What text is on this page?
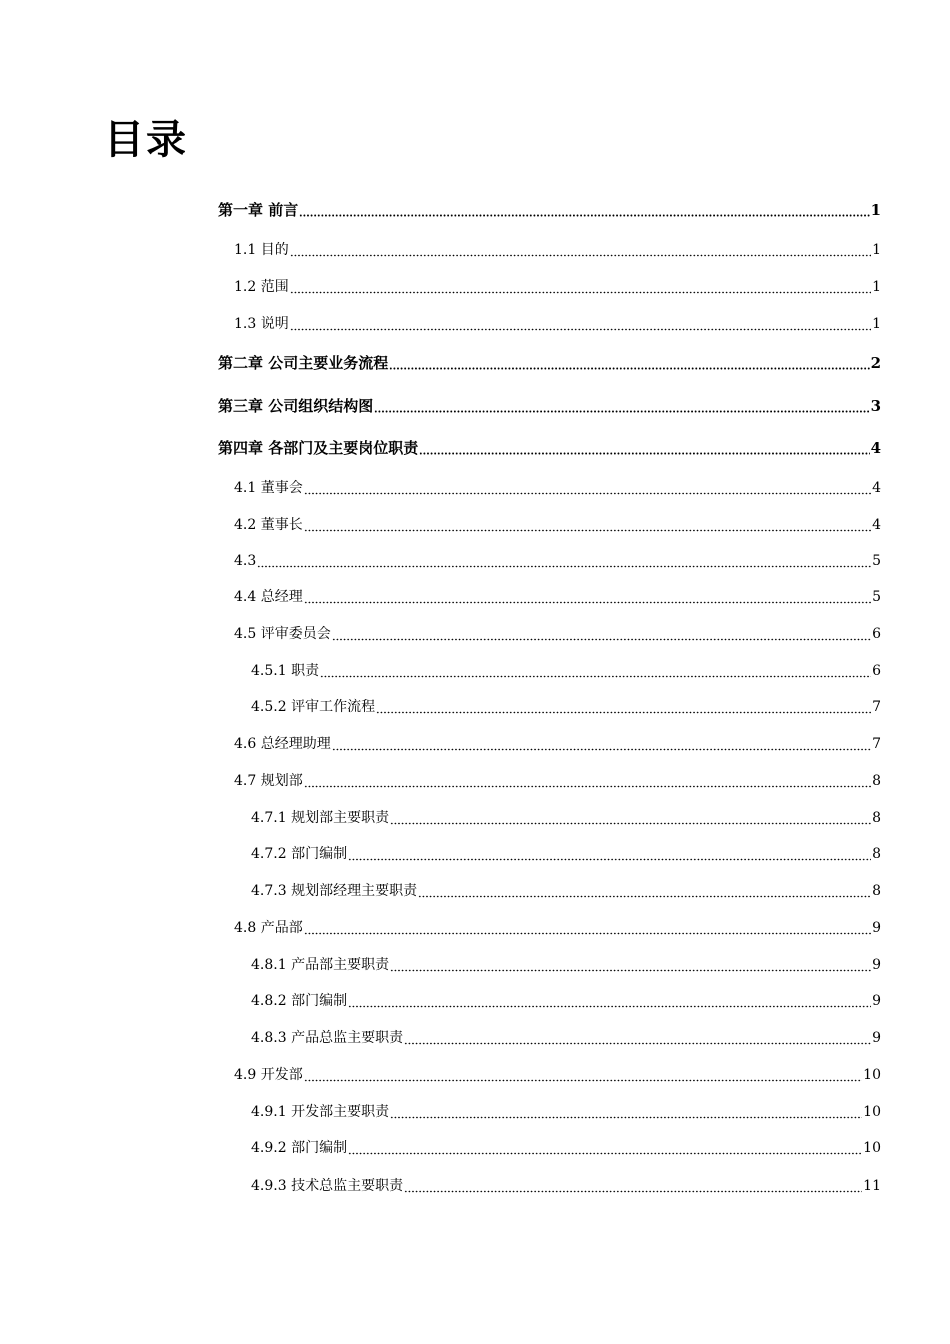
目录
第一章 前言	1
1.1 目的	1
1.2 范围	1
1.3 说明	1
第二章 公司主要业务流程	2
第三章 公司组织结构图	3
第四章 各部门及主要岗位职责	4
4.1 董事会	4
4.2 董事长	4
4.3	5
4.4 总经理	5
4.5 评审委员会	6
4.5.1 职责	6
4.5.2 评审工作流程	7
4.6 总经理助理	7
4.7 规划部	8
4.7.1 规划部主要职责	8
4.7.2 部门编制	8
4.7.3 规划部经理主要职责	8
4.8 产品部	9
4.8.1 产品部主要职责	9
4.8.2 部门编制	9
4.8.3 产品总监主要职责	9
4.9 开发部	10
4.9.1 开发部主要职责	10
4.9.2 部门编制	10
4.9.3 技术总监主要职责	11
